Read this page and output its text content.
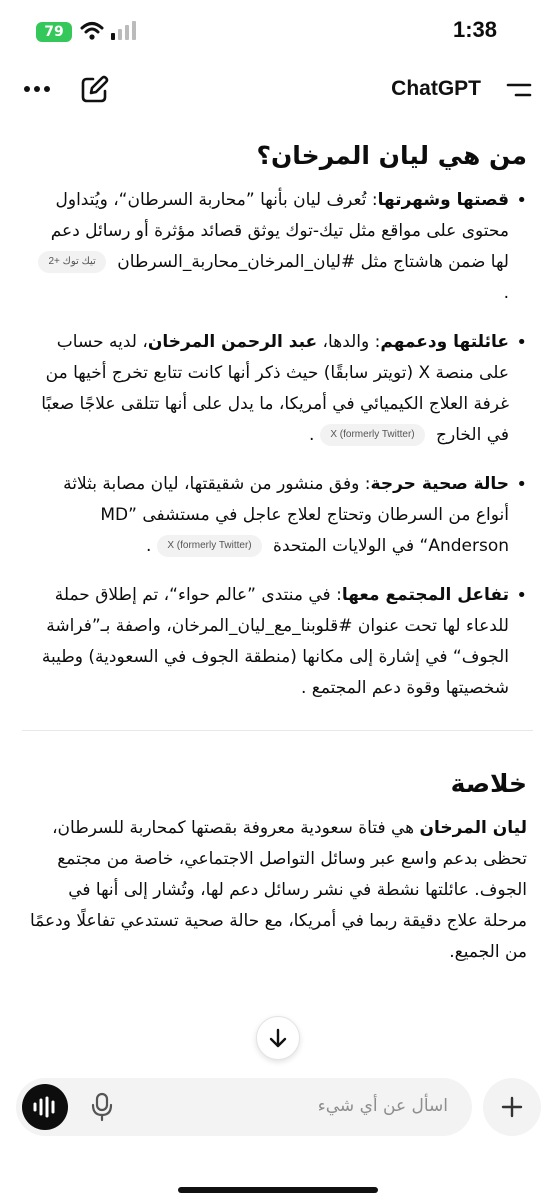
79	1:38
ChatGPT
من هي ليان المرخان؟
• قصتها وشهرتها: تُعرف ليان بأنها ”محاربة السرطان“، ويُتداول محتوى على مواقع مثل تيك-توك يوثق قصائد مؤثرة أو رسائل دعم لها ضمن هاشتاج مثل #ليان_المرخان_محاربة_السرطان تيك توك +2.
• عائلتها ودعمهم: والدها، عبد الرحمن المرخان، لديه حساب على منصة X (تويتر سابقًا) حيث ذكر أنها كانت تتابع تخرج أخيها من غرفة العلاج الكيميائي في أمريكا، ما يدل على أنها تتلقى علاجًا صعبًا في الخارج X (formerly Twitter).
• حالة صحية حرجة: وفق منشور من شقيقتها، ليان مصابة بثلاثة أنواع من السرطان وتحتاج لعلاج عاجل في مستشفى ”MD Anderson“ في الولايات المتحدة X (formerly Twitter).
• تفاعل المجتمع معها: في منتدى ”عالم حواء“، تم إطلاق حملة للدعاء لها تحت عنوان #قلوبنا_مع_ليان_المرخان، واصفة بـ”فراشة الجوف“ في إشارة إلى مكانها (منطقة الجوف في السعودية) وطيبة شخصيتها وقوة دعم المجتمع .
خلاصة

ليان المرخان هي فتاة سعودية معروفة بقصتها كمحاربة للسرطان، تحظى بدعم واسع عبر وسائل التواصل الاجتماعي، خاصة من مجتمع الجوف. عائلتها نشطة في نشر رسائل دعم لها، وتُشار إلى أنها في مرحلة علاج دقيقة ربما في أمريكا، مع حالة صحية تستدعي تفاعلًا ودعمًا من الجميع.

اسأل عن أي شيء
